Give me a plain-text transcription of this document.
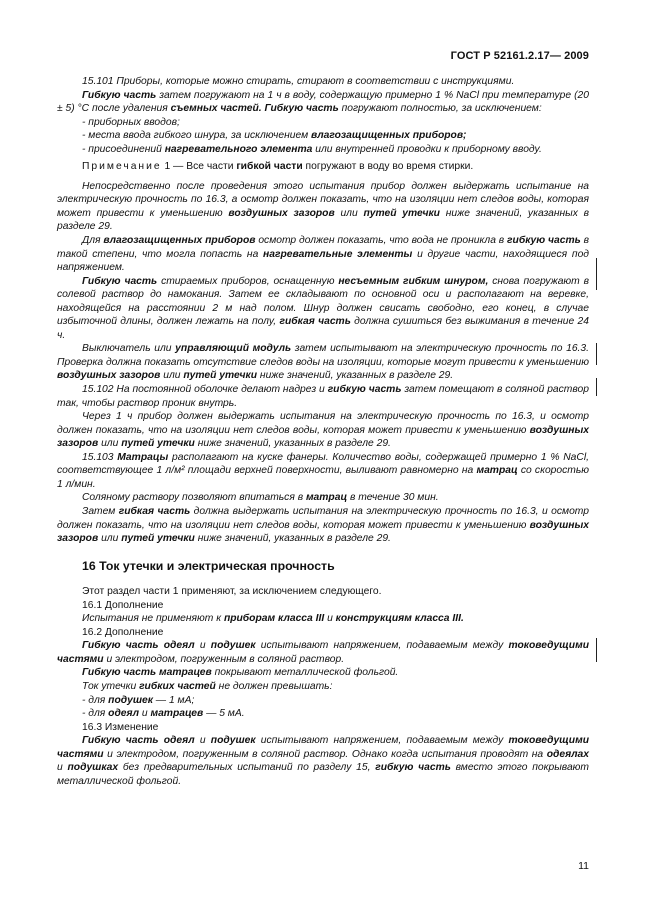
ГОСТ Р 52161.2.17— 2009

15.101 Приборы, которые можно стирать, стирают в соответствии с инструкциями.

Гибкую часть затем погружают на 1 ч в воду, содержащую примерно 1 % NaCl при температуре (20 ± 5) °С после удаления съемных частей. Гибкую часть погружают полностью, за исключением:

- приборных вводов;

- места ввода гибкого шнура, за исключением влагозащищенных приборов;

- присоединений нагревательного элемента или внутренней проводки к приборному вводу.

Примечание 1 — Все части гибкой части погружают в воду во время стирки.

Непосредственно после проведения этого испытания прибор должен выдержать испытание на электрическую прочность по 16.3, а осмотр должен показать, что на изоляции нет следов воды, которая может привести к уменьшению воздушных зазоров или путей утечки ниже значений, указанных в разделе 29.

Для влагозащищенных приборов осмотр должен показать, что вода не проникла в гибкую часть в такой степени, что могла попасть на нагревательные элементы и другие части, находящиеся под напряжением.

Гибкую часть стираемых приборов, оснащенную несъемным гибким шнуром, снова погружают в солевой раствор до намокания. Затем ее складывают по основной оси и располагают на веревке, находящейся на расстоянии 2 м над полом. Шнур должен свисать свободно, его конец, в случае избыточной длины, должен лежать на полу, гибкая часть должна сушиться без выжимания в течение 24 ч.

Выключатель или управляющий модуль затем испытывают на электрическую прочность по 16.3. Проверка должна показать отсутствие следов воды на изоляции, которые могут привести к уменьшению воздушных зазоров или путей утечки ниже значений, указанных в разделе 29.

15.102 На постоянной оболочке делают надрез и гибкую часть затем помещают в соляной раствор так, чтобы раствор проник внутрь.

Через 1 ч прибор должен выдержать испытания на электрическую прочность по 16.3, и осмотр должен показать, что на изоляции нет следов воды, которая может привести к уменьшению воздушных зазоров или путей утечки ниже значений, указанных в разделе 29.

15.103 Матрацы располагают на куске фанеры. Количество воды, содержащей примерно 1 % NaCl, соответствующее 1 л/м² площади верхней поверхности, выливают равномерно на матрац со скоростью 1 л/мин.

Соляному раствору позволяют впитаться в матрац в течение 30 мин.

Затем гибкая часть должна выдержать испытания на электрическую прочность по 16.3, и осмотр должен показать, что на изоляции нет следов воды, которая может привести к уменьшению воздушных зазоров или путей утечки ниже значений, указанных в разделе 29.

16 Ток утечки и электрическая прочность

Этот раздел части 1 применяют, за исключением следующего.

16.1 Дополнение

Испытания не применяют к приборам класса III и конструкциям класса III.

16.2 Дополнение

Гибкую часть одеял и подушек испытывают напряжением, подаваемым между токоведущими частями и электродом, погруженным в соляной раствор.

Гибкую часть матрацев покрывают металлической фольгой.

Ток утечки гибких частей не должен превышать:

- для подушек — 1 мА;

- для одеял и матрацев — 5 мА.

16.3 Изменение

Гибкую часть одеял и подушек испытывают напряжением, подаваемым между токоведущими частями и электродом, погруженным в соляной раствор. Однако когда испытания проводят на одеялах и подушках без предварительных испытаний по разделу 15, гибкую часть вместо этого покрывают металлической фольгой.

11
